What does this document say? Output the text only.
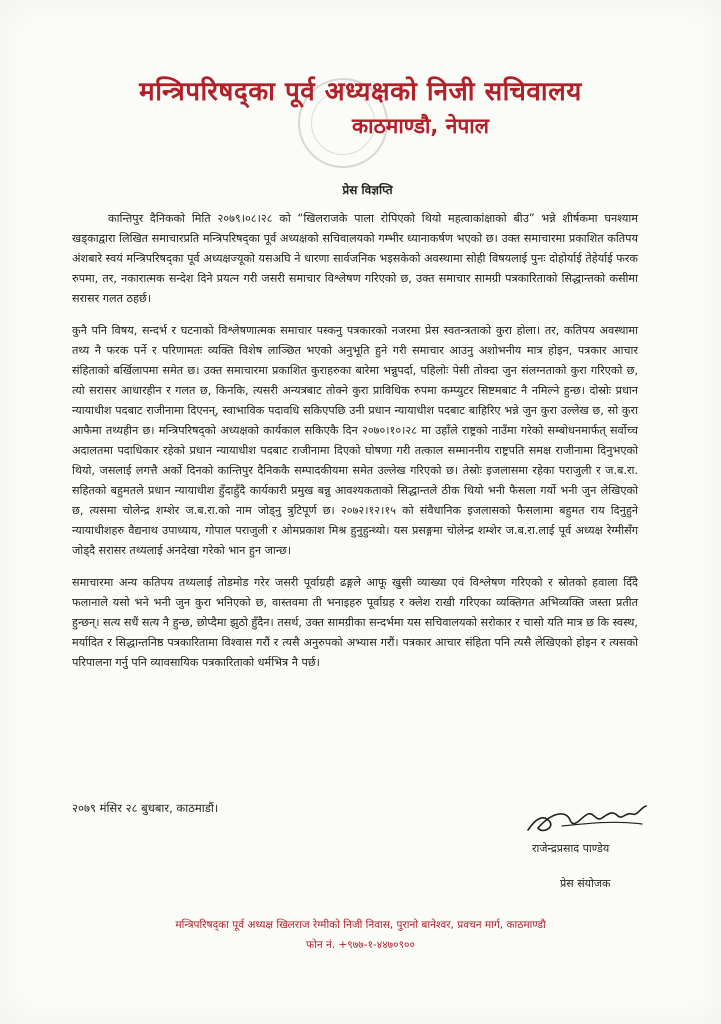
मन्त्रिपरिषद्का पूर्व अध्यक्षको निजी सचिवालय
काठमाण्डौ, नेपाल
प्रेस विज्ञप्ति

कान्तिपुर दैनिकको मिति २०७९।०८।२८ को “खिलराजके पाला रोपिएको थियो महत्वाकांक्षाको बीउ” भन्ने शीर्षकमा घनश्याम खड्काद्वारा लिखित समाचारप्रति मन्त्रिपरिषद्का पूर्व अध्यक्षको सचिवालयको गम्भीर ध्यानाकर्षण भएको छ। उक्त समाचारमा प्रकाशित कतिपय अंशबारे स्वयं मन्त्रिपरिषद्का पूर्व अध्यक्षज्यूको यसअघि ने धारणा सार्वजनिक भइसकेको अवस्थामा सोही विषयलाई पुनः दोहोर्याई तेहेर्याई फरक रुपमा, तर, नकारात्मक सन्देश दिने प्रयत्न गरी जसरी समाचार विश्लेषण गरिएको छ, उक्त समाचार सामग्री पत्रकारिताको सिद्धान्तको कसीमा सरासर गलत ठहर्छ।

कुनै पनि विषय, सन्दर्भ र घटनाको विश्लेषणात्मक समाचार पस्कनु पत्रकारको नजरमा प्रेस स्वतन्त्रताको कुरा होला। तर, कतिपय अवस्थामा तथ्य नै फरक पर्ने र परिणामतः व्यक्ति विशेष लाञ्छित भएको अनुभूति हुने गरी समाचार आउनु अशोभनीय मात्र होइन, पत्रकार आचार संहिताको बर्खिलापमा समेत छ। उक्त समाचारमा प्रकाशित कुराहरुका बारेमा भन्नुपर्दा, पहिलोः पेसी तोक्दा जुन संलग्नताको कुरा गरिएको छ, त्यो सरासर आधारहीन र गलत छ, किनकि, त्यसरी अन्यत्रबाट तोक्ने कुरा प्राविधिक रुपमा कम्प्युटर सिष्टमबाट नै नमिल्ने हुन्छ। दोस्रोः प्रधान न्यायाधीश पदबाट राजीनामा दिएनन्, स्वाभाविक पदावधि सकिएपछि उनी प्रधान न्यायाधीश पदबाट बाहिरिए भन्ने जुन कुरा उल्लेख छ, सो कुरा आफैमा तथ्यहीन छ। मन्त्रिपरिषद्को अध्यक्षको कार्यकाल सकिएकै दिन २०७०।१०।२८ मा उहाँले राष्ट्रको नाउँमा गरेको सम्बोधनमार्फत् सर्वोच्च अदालतमा पदाधिकार रहेको प्रधान न्यायाधीश पदबाट राजीनामा दिएको घोषणा गरी तत्काल सम्माननीय राष्ट्रपति समक्ष राजीनामा दिनुभएको थियो, जसलाई लगत्तै अर्को दिनको कान्तिपुर दैनिककै सम्पादकीयमा समेत उल्लेख गरिएको छ। तेस्रोः इजलासमा रहेका पराजुली र ज.ब.रा. सहितको बहुमतले प्रधान न्यायाधीश हुँदाहुँदै कार्यकारी प्रमुख बन्नु आवश्यकताको सिद्धान्तले ठीक थियो भनी फैसला गर्यो भनी जुन लेखिएको छ, त्यसमा चोलेन्द्र शम्शेर ज.ब.रा.को नाम जोड्नु त्रुटिपूर्ण छ। २०७२।१२।१५ को संवैधानिक इजलासको फैसलामा बहुमत राय दिनुहुने न्यायाधीशहरु वैद्यनाथ उपाध्याय, गोपाल पराजुली र ओमप्रकाश मिश्र हुनुहुन्थ्यो। यस प्रसङ्गमा चोलेन्द्र शम्शेर ज.ब.रा.लाई पूर्व अध्यक्ष रेग्मीसँग जोड्दै सरासर तथ्यलाई अनदेखा गरेको भान हुन जान्छ।

समाचारमा अन्य कतिपय तथ्यलाई तोडमोड गरेर जसरी पूर्वाग्रही ढङ्गले आफू खुसी व्याख्या एवं विश्लेषण गरिएको र स्रोतको हवाला दिँदै फलानाले यसो भने भनी जुन कुरा भनिएको छ, वास्तवमा ती भनाइहरु पूर्वाग्रह र क्लेश राखी गरिएका व्यक्तिगत अभिव्यक्ति जस्ता प्रतीत हुन्छन्। सत्य सधैं सत्य नै हुन्छ, छोप्दैमा झुठो हुँदैन। तसर्थ, उक्त सामग्रीका सन्दर्भमा यस सचिवालयको सरोकार र चासो यति मात्र छ कि स्वस्थ, मर्यादित र सिद्धान्तनिष्ठ पत्रकारितामा विश्वास गरौं र त्यसै अनुरुपको अभ्यास गरौं। पत्रकार आचार संहिता पनि त्यसै लेखिएको होइन र त्यसको परिपालना गर्नु पनि व्यावसायिक पत्रकारिताको धर्मभित्र नै पर्छ।

२०७९ मंसिर २८ बुधबार, काठमाडौं।
राजेन्द्रप्रसाद पाण्डेय
प्रेस संयोजक
मन्त्रिपरिषद्का पूर्व अध्यक्ष खिलराज रेग्मीको निजी निवास, पुरानो बानेश्वर, प्रवचन मार्ग, काठमाण्डौ
फोन नं. +९७७-१-४४७०९००
